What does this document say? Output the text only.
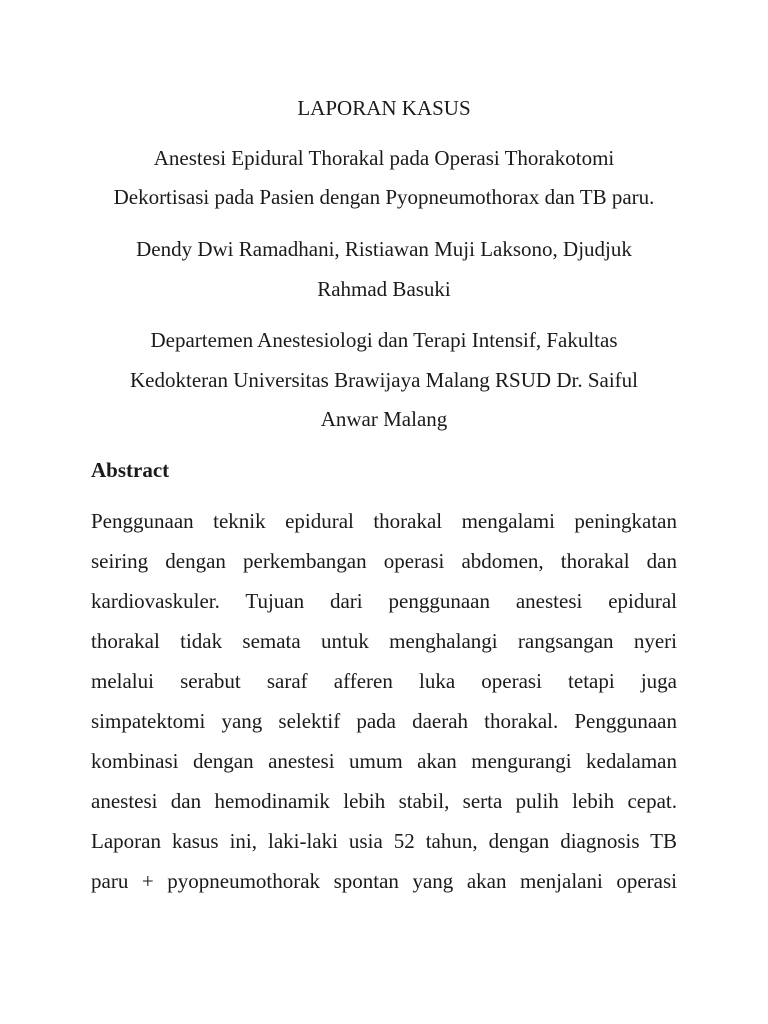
LAPORAN KASUS

Anestesi Epidural Thorakal pada Operasi Thorakotomi

Dekortisasi pada Pasien dengan Pyopneumothorax dan TB paru.

Dendy Dwi Ramadhani, Ristiawan Muji Laksono, Djudjuk

Rahmad Basuki

Departemen Anestesiologi dan Terapi Intensif, Fakultas

Kedokteran Universitas Brawijaya Malang RSUD Dr. Saiful

Anwar Malang

Abstract

Penggunaan teknik epidural thorakal mengalami peningkatan

seiring dengan perkembangan operasi abdomen, thorakal dan

kardiovaskuler. Tujuan dari penggunaan anestesi epidural

thorakal tidak semata untuk menghalangi rangsangan nyeri

melalui serabut saraf afferen luka operasi tetapi juga

simpatektomi yang selektif pada daerah thorakal. Penggunaan

kombinasi dengan anestesi umum akan mengurangi kedalaman

anestesi dan hemodinamik lebih stabil, serta pulih lebih cepat.

Laporan kasus ini, laki-laki usia 52 tahun, dengan diagnosis TB

paru + pyopneumothorak spontan yang akan menjalani operasi
